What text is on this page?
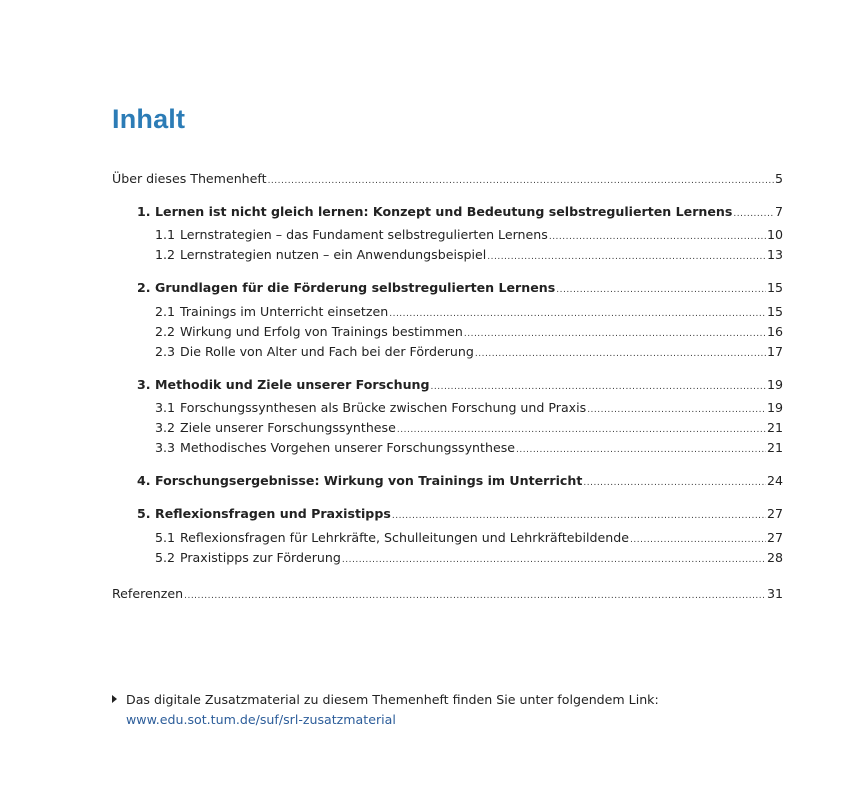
Inhalt
Über dieses Themenheft .....	5
1. Lernen ist nicht gleich lernen: Konzept und Bedeutung selbstregulierten Lernens .....	7
1.1 Lernstrategien – das Fundament selbstregulierten Lernens .....	10
1.2 Lernstrategien nutzen – ein Anwendungsbeispiel .....	13
2. Grundlagen für die Förderung selbstregulierten Lernens .....	15
2.1 Trainings im Unterricht einsetzen .....	15
2.2 Wirkung und Erfolg von Trainings bestimmen .....	16
2.3 Die Rolle von Alter und Fach bei der Förderung .....	17
3. Methodik und Ziele unserer Forschung .....	19
3.1 Forschungssynthesen als Brücke zwischen Forschung und Praxis .....	19
3.2 Ziele unserer Forschungssynthese .....	21
3.3 Methodisches Vorgehen unserer Forschungssynthese .....	21
4. Forschungsergebnisse: Wirkung von Trainings im Unterricht .....	24
5. Reflexionsfragen und Praxistipps .....	27
5.1 Reflexionsfragen für Lehrkräfte, Schulleitungen und Lehrkräftebildende .....	27
5.2 Praxistipps zur Förderung .....	28
Referenzen .....	31
Das digitale Zusatzmaterial zu diesem Themenheft finden Sie unter folgendem Link:
www.edu.sot.tum.de/suf/srl-zusatzmaterial
